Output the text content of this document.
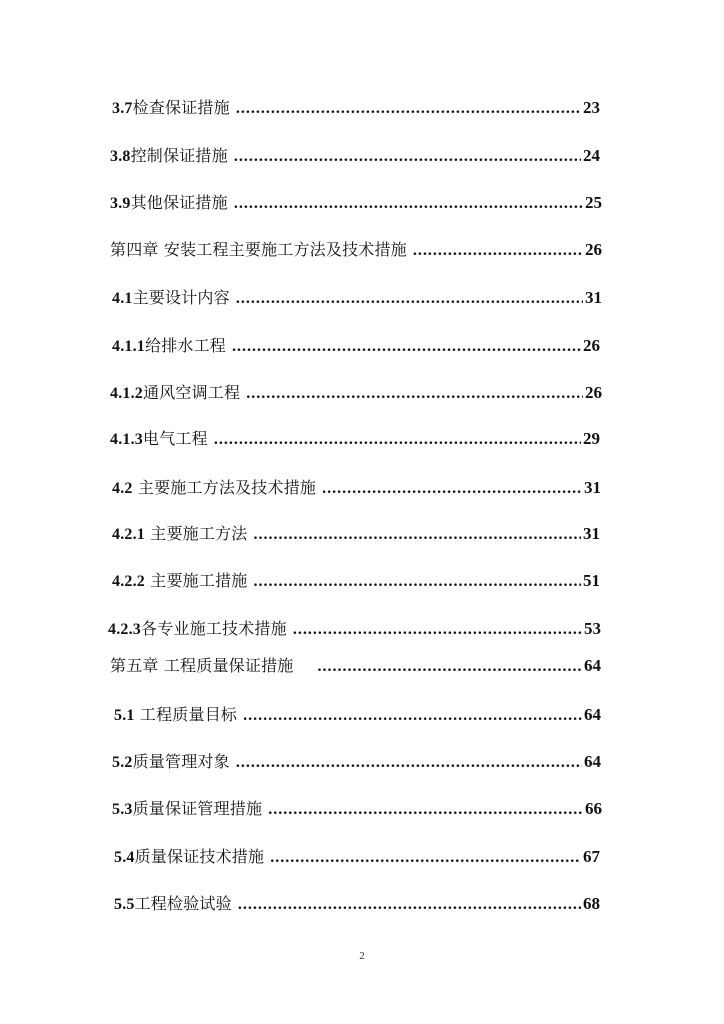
3.7检查保证措施 .....	23
3.8控制保证措施 .....	24
3.9其他保证措施 .....	25
第四章 安装工程主要施工方法及技术措施 .....	26
4.1主要设计内容 .....	31
4.1.1给排水工程 .....	26
4.1.2通风空调工程 .....	26
4.1.3电气工程 .....	29
4.2 主要施工方法及技术措施 .....	31
4.2.1 主要施工方法 .....	31
4.2.2 主要施工措施 .....	51
4.2.3各专业施工技术措施 .....	53
第五章 工程质量保证措施 .....	64
5.1 工程质量目标 .....	64
5.2质量管理对象 .....	64
5.3质量保证管理措施 .....	66
5.4质量保证技术措施 .....	67
5.5工程检验试验 .....	68
2
